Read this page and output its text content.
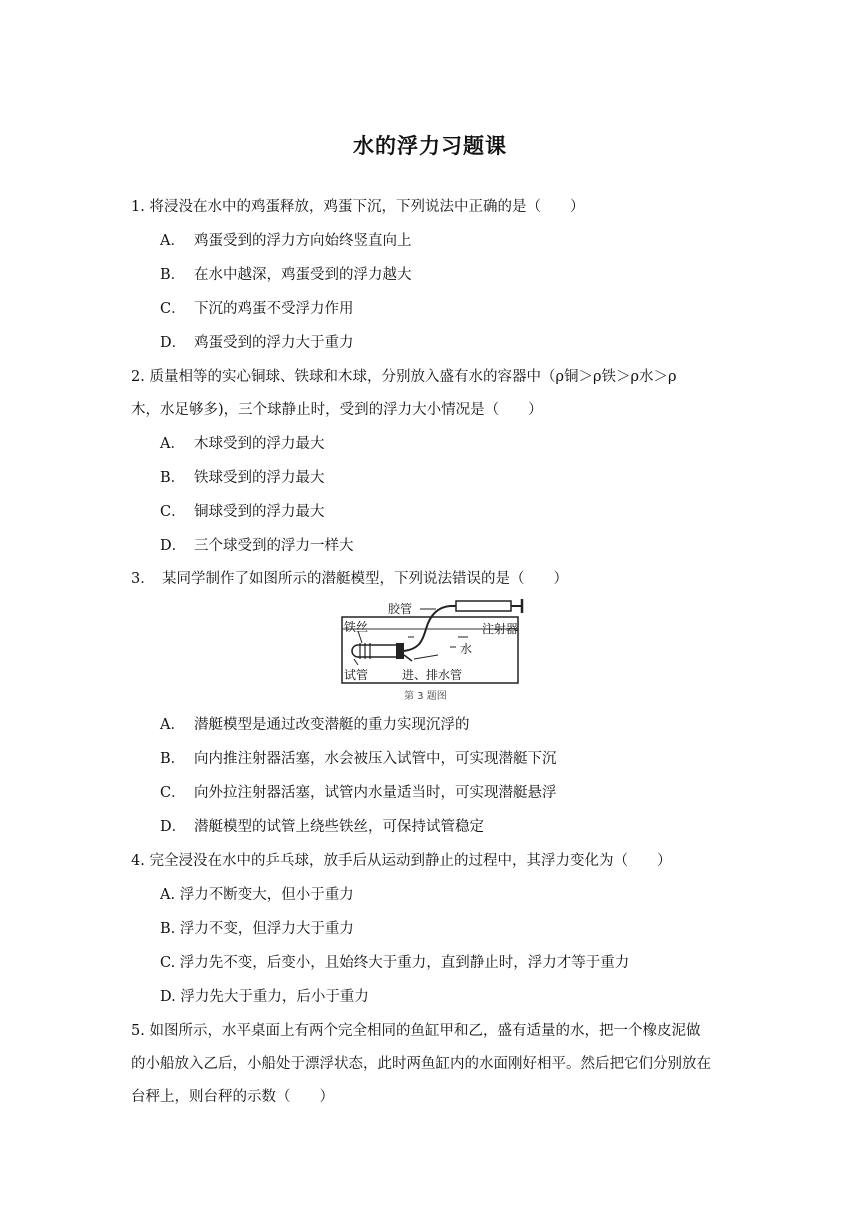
水的浮力习题课
1. 将浸没在水中的鸡蛋释放，鸡蛋下沉，下列说法中正确的是（　　）
A． 鸡蛋受到的浮力方向始终竖直向上
B． 在水中越深，鸡蛋受到的浮力越大
C． 下沉的鸡蛋不受浮力作用
D． 鸡蛋受到的浮力大于重力
2. 质量相等的实心铜球、铁球和木球，分别放入盛有水的容器中（ρ铜＞ρ铁＞ρ水＞ρ
木，水足够多)，三个球静止时，受到的浮力大小情况是（　　）
A． 木球受到的浮力最大
B． 铁球受到的浮力最大
C． 铜球受到的浮力最大
D． 三个球受到的浮力一样大
3．　某同学制作了如图所示的潜艇模型，下列说法错误的是（　　）
胶管
注射器
铁丝
水
试管	进、排水管
第 3 题图
A． 潜艇模型是通过改变潜艇的重力实现沉浮的
B． 向内推注射器活塞，水会被压入试管中，可实现潜艇下沉
C． 向外拉注射器活塞，试管内水量适当时，可实现潜艇悬浮
D． 潜艇模型的试管上绕些铁丝，可保持试管稳定
4. 完全浸没在水中的乒乓球，放手后从运动到静止的过程中，其浮力变化为（　　）
A. 浮力不断变大，但小于重力
B. 浮力不变，但浮力大于重力
C. 浮力先不变，后变小，且始终大于重力，直到静止时，浮力才等于重力
D. 浮力先大于重力，后小于重力
5. 如图所示，水平桌面上有两个完全相同的鱼缸甲和乙，盛有适量的水，把一个橡皮泥做
的小船放入乙后，小船处于漂浮状态，此时两鱼缸内的水面刚好相平。然后把它们分别放在
台秤上，则台秤的示数（　　）
